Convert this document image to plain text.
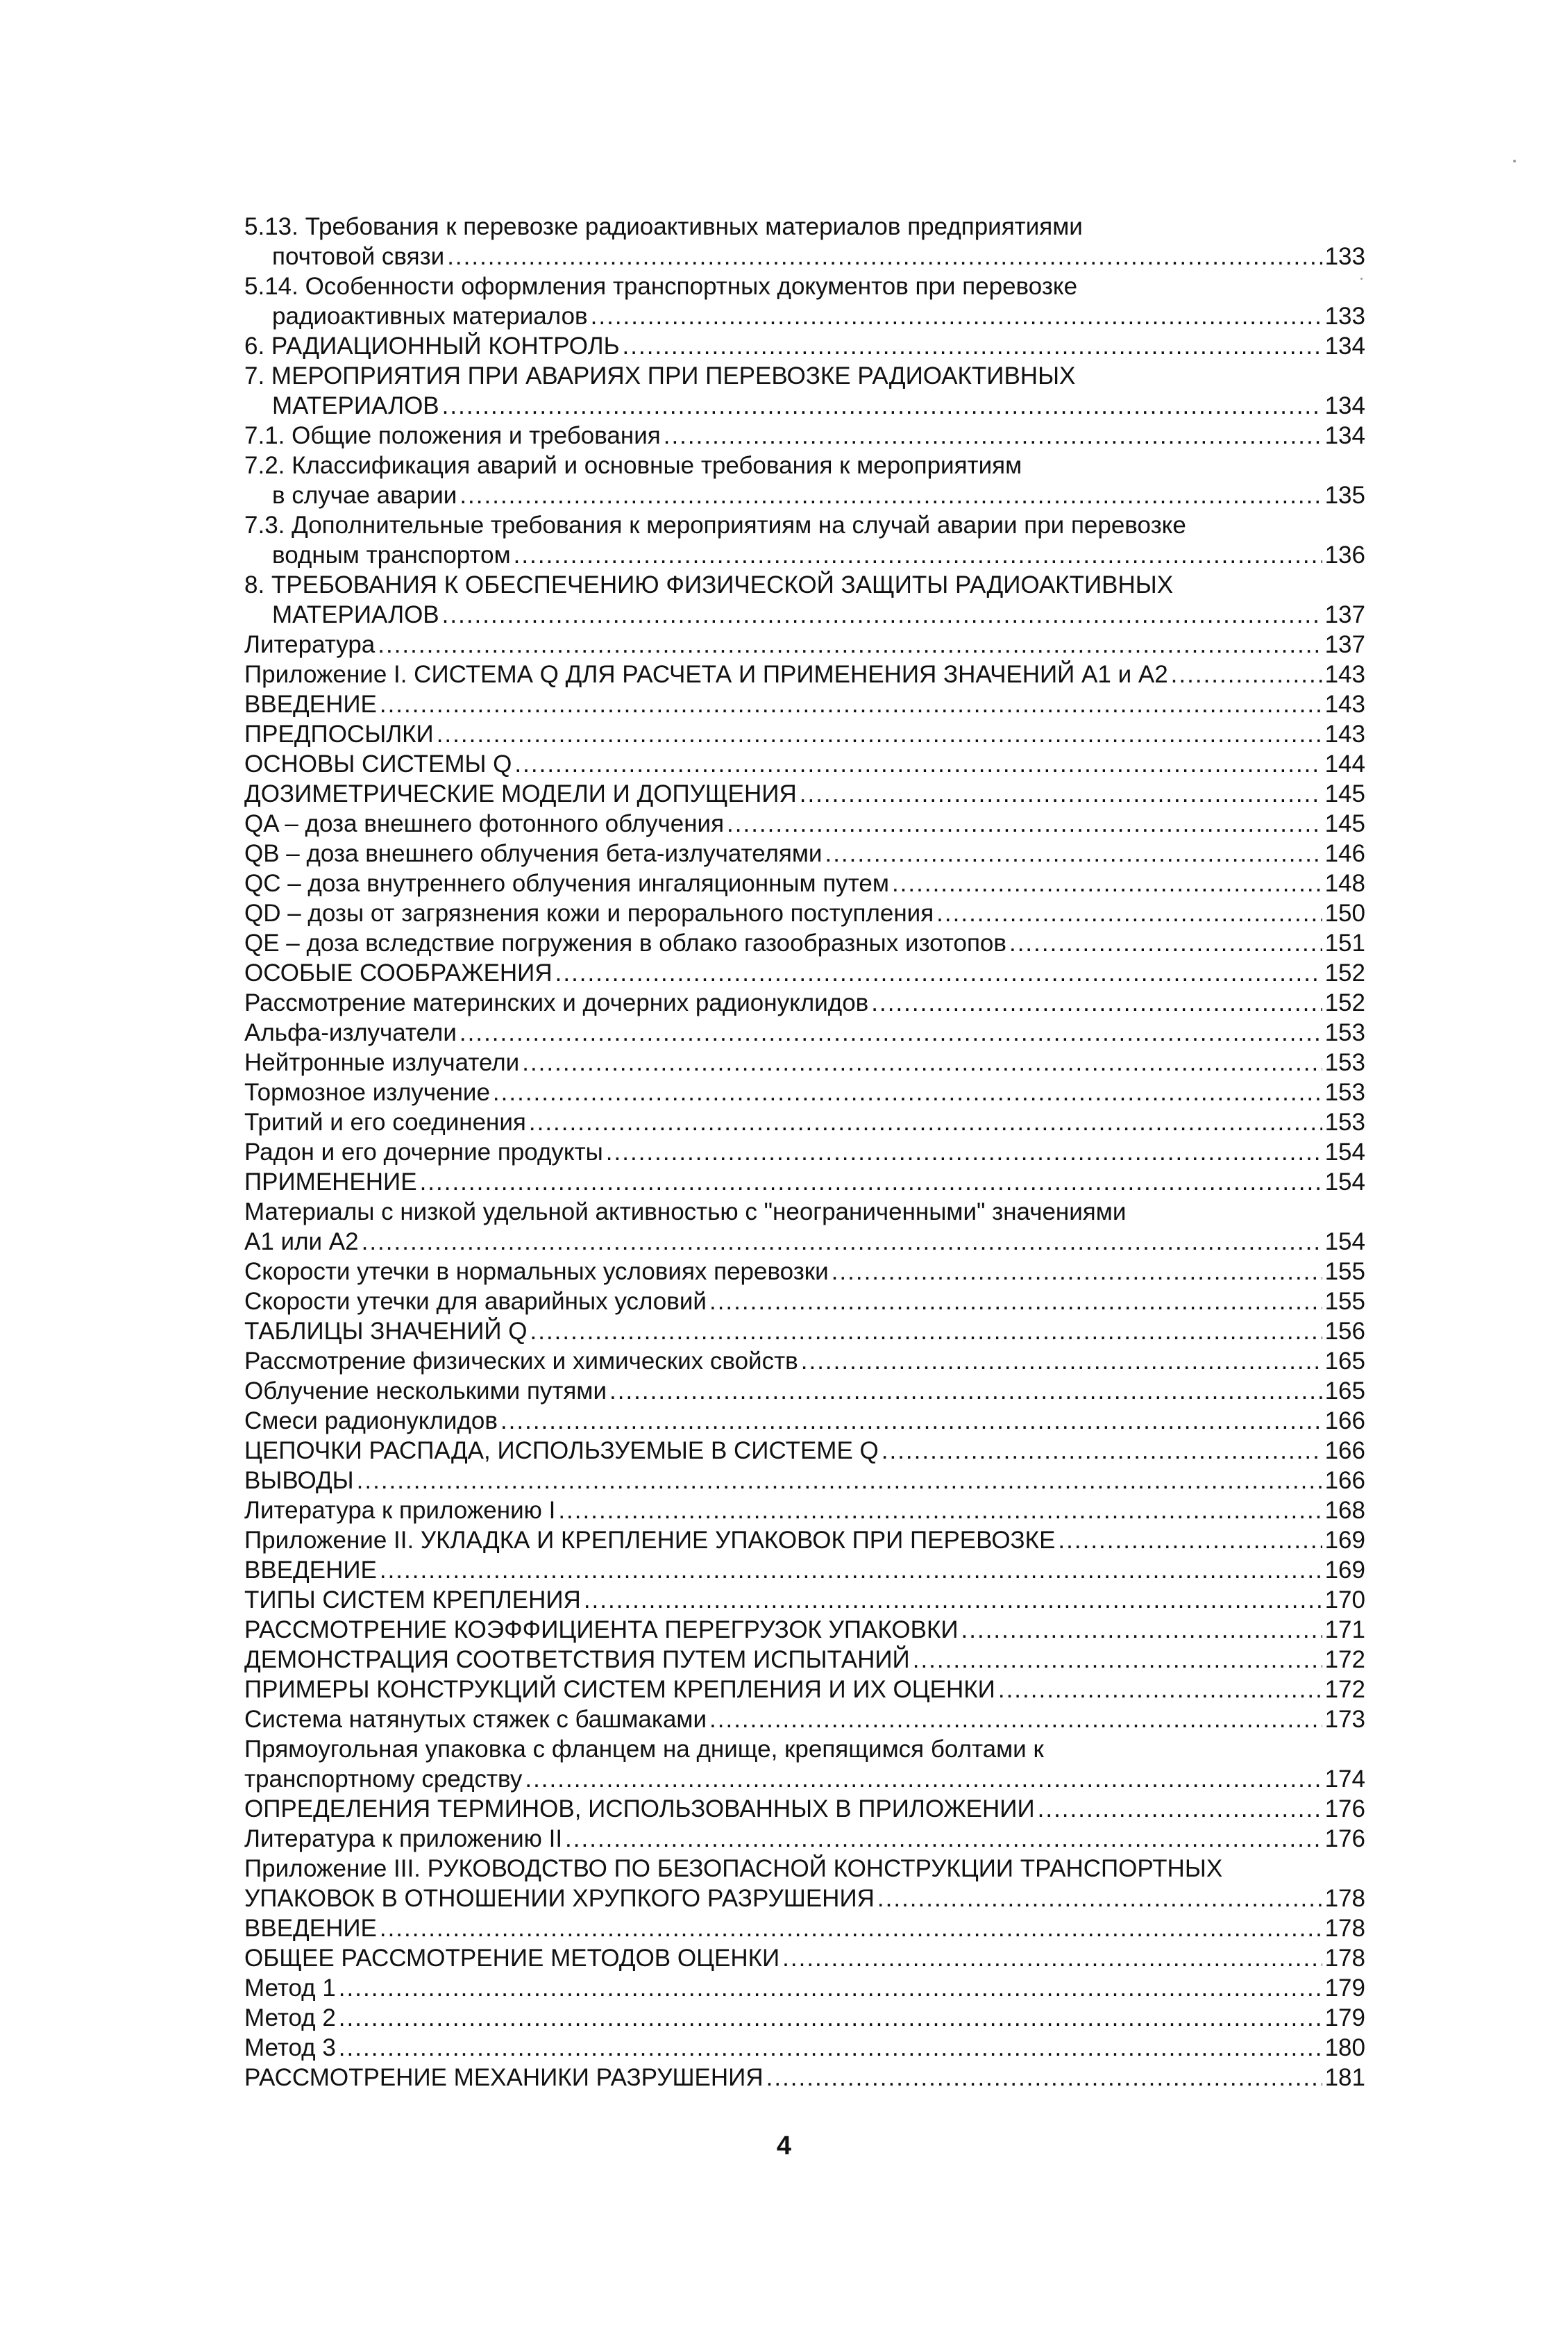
5.13. Требования к перевозке радиоактивных материалов предприятиями
почтовой связи .....	133
5.14. Особенности оформления транспортных документов при перевозке
радиоактивных материалов .....	133
6. РАДИАЦИОННЫЙ КОНТРОЛЬ .....	134
7. МЕРОПРИЯТИЯ ПРИ АВАРИЯХ ПРИ ПЕРЕВОЗКЕ РАДИОАКТИВНЫХ
МАТЕРИАЛОВ .....	134
7.1. Общие положения и требования .....	134
7.2. Классификация аварий и основные требования к мероприятиям
в случае аварии .....	135
7.3. Дополнительные требования к мероприятиям на случай аварии при перевозке
водным транспортом .....	136
8. ТРЕБОВАНИЯ К ОБЕСПЕЧЕНИЮ ФИЗИЧЕСКОЙ ЗАЩИТЫ РАДИОАКТИВНЫХ
МАТЕРИАЛОВ .....	137
Литература .....	137
Приложение I. СИСТЕМА Q ДЛЯ РАСЧЕТА И ПРИМЕНЕНИЯ ЗНАЧЕНИЙ A1 и A2 .....	143
ВВЕДЕНИЕ .....	143
ПРЕДПОСЫЛКИ .....	143
ОСНОВЫ СИСТЕМЫ Q .....	144
ДОЗИМЕТРИЧЕСКИЕ МОДЕЛИ И ДОПУЩЕНИЯ .....	145
QA – доза внешнего фотонного облучения .....	145
QB – доза внешнего облучения бета-излучателями .....	146
QC – доза внутреннего облучения ингаляционным путем .....	148
QD – дозы от загрязнения кожи и перорального поступления .....	150
QE – доза вследствие погружения в облако газообразных изотопов .....	151
ОСОБЫЕ СООБРАЖЕНИЯ .....	152
Рассмотрение материнских и дочерних радионуклидов .....	152
Альфа-излучатели .....	153
Нейтронные излучатели .....	153
Тормозное излучение .....	153
Тритий и его соединения .....	153
Радон и его дочерние продукты .....	154
ПРИМЕНЕНИЕ .....	154
Материалы с низкой удельной активностью с "неограниченными" значениями
A1 или A2 .....	154
Скорости утечки в нормальных условиях перевозки .....	155
Скорости утечки для аварийных условий .....	155
ТАБЛИЦЫ ЗНАЧЕНИЙ Q .....	156
Рассмотрение физических и химических свойств .....	165
Облучение несколькими путями .....	165
Смеси радионуклидов .....	166
ЦЕПОЧКИ РАСПАДА, ИСПОЛЬЗУЕМЫЕ В СИСТЕМЕ Q .....	166
ВЫВОДЫ .....	166
Литература к приложению I .....	168
Приложение II. УКЛАДКА И КРЕПЛЕНИЕ УПАКОВОК ПРИ ПЕРЕВОЗКЕ .....	169
ВВЕДЕНИЕ .....	169
ТИПЫ СИСТЕМ КРЕПЛЕНИЯ .....	170
РАССМОТРЕНИЕ КОЭФФИЦИЕНТА ПЕРЕГРУЗОК УПАКОВКИ .....	171
ДЕМОНСТРАЦИЯ СООТВЕТСТВИЯ ПУТЕМ ИСПЫТАНИЙ .....	172
ПРИМЕРЫ КОНСТРУКЦИЙ СИСТЕМ КРЕПЛЕНИЯ И ИХ ОЦЕНКИ .....	172
Система натянутых стяжек с башмаками .....	173
Прямоугольная упаковка с фланцем на днище, крепящимся болтами к
транспортному средству .....	174
ОПРЕДЕЛЕНИЯ ТЕРМИНОВ, ИСПОЛЬЗОВАННЫХ В ПРИЛОЖЕНИИ .....	176
Литература к приложению II .....	176
Приложение III. РУКОВОДСТВО ПО БЕЗОПАСНОЙ КОНСТРУКЦИИ ТРАНСПОРТНЫХ
УПАКОВОК В ОТНОШЕНИИ ХРУПКОГО РАЗРУШЕНИЯ .....	178
ВВЕДЕНИЕ .....	178
ОБЩЕЕ РАССМОТРЕНИЕ МЕТОДОВ ОЦЕНКИ .....	178
Метод 1 .....	179
Метод 2 .....	179
Метод 3 .....	180
РАССМОТРЕНИЕ МЕХАНИКИ РАЗРУШЕНИЯ .....	181
4
